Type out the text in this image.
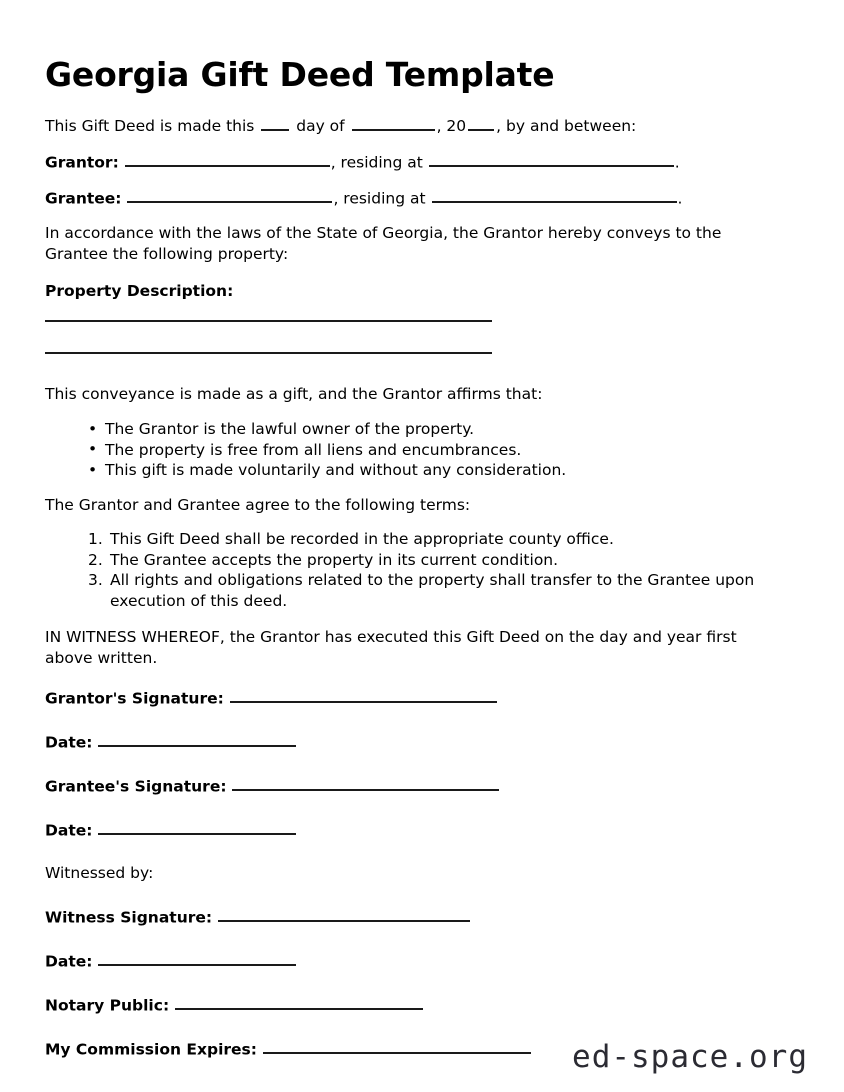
Georgia Gift Deed Template

This Gift Deed is made this	day of	, 20 , by and between:

Grantor:	, residing at	.
Grantee:	, residing at	.

In accordance with the laws of the State of Georgia, the Grantor hereby conveys to the Grantee the following property:

Property Description:

This conveyance is made as a gift, and the Grantor affirms that:

• The Grantor is the lawful owner of the property.
• The property is free from all liens and encumbrances.
• This gift is made voluntarily and without any consideration.

The Grantor and Grantee agree to the following terms:

This Gift Deed shall be recorded in the appropriate county office.
The Grantee accepts the property in its current condition.
All rights and obligations related to the property shall transfer to the Grantee upon execution of this deed.

IN WITNESS WHEREOF, the Grantor has executed this Gift Deed on the day and year first above written.

Grantor's Signature:
Date:
Grantee's Signature:
Date:
Witnessed by:
Witness Signature:
Date:
Notary Public:
My Commission Expires:	ed-space.org
